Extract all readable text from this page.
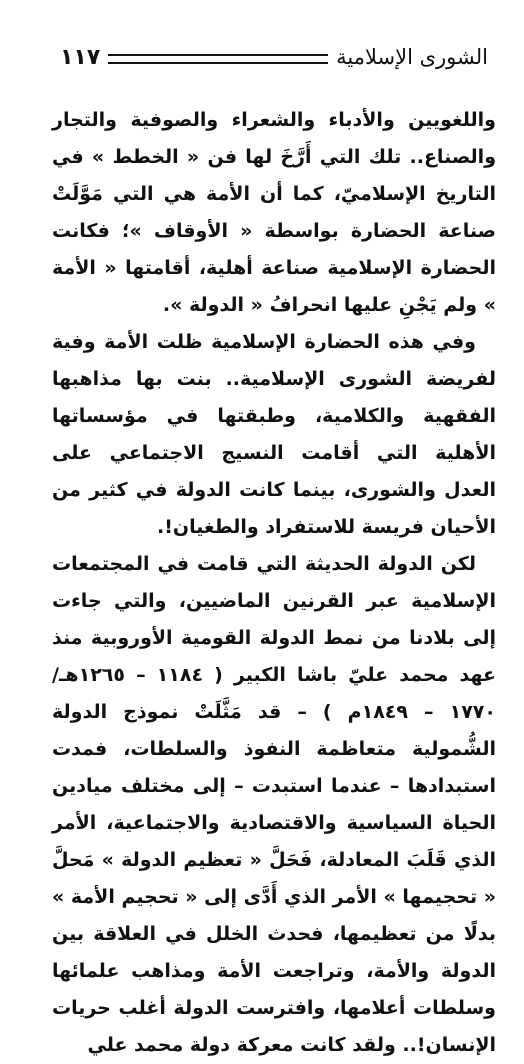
الشورى الإسلامية
١١٧

واللغويين والأدباء والشعراء والصوفية والتجار والصناع.. تلك التي أَرَّخَ لها فن « الخطط » في التاريخ الإسلاميّ، كما أن الأمة هي التي مَوَّلَتْ صناعة الحضارة بواسطة « الأوقاف »؛ فكانت الحضارة الإسلامية صناعة أهلية، أقامتها « الأمة » ولم يَجْنِ عليها انحرافُ « الدولة ».

وفي هذه الحضارة الإسلامية ظلت الأمة وفية لفريضة الشورى الإسلامية.. بنت بها مذاهبها الفقهية والكلامية، وطبقتها في مؤسساتها الأهلية التي أقامت النسيج الاجتماعي على العدل والشورى، بينما كانت الدولة في كثير من الأحيان فريسة للاستفراد والطغيان!.

لكن الدولة الحديثة التي قامت في المجتمعات الإسلامية عبر القرنين الماضيين، والتي جاءت إلى بلادنا من نمط الدولة القومية الأوروبية منذ عهد محمد عليّ باشا الكبير ( ١١٨٤ – ١٢٦٥هـ/١٧٧٠ – ١٨٤٩م ) – قد مَثَّلَتْ نموذج الدولة الشُّمولية متعاظمة النفوذ والسلطات، فمدت استبدادها – عندما استبدت – إلى مختلف ميادين الحياة السياسية والاقتصادية والاجتماعية، الأمر الذي قَلَبَ المعادلة، فَحَلَّ « تعظيم الدولة » مَحلَّ « تحجيمها » الأمر الذي أَدَّى إلى « تحجيم الأمة » بدلًا من تعظيمها، فحدث الخلل في العلاقة بين الدولة والأمة، وتراجعت الأمة ومذاهب علمائها وسلطات أعلامها، وافترست الدولة أغلب حريات الإنسان!.. ولقد كانت معركة دولة محمد علي
